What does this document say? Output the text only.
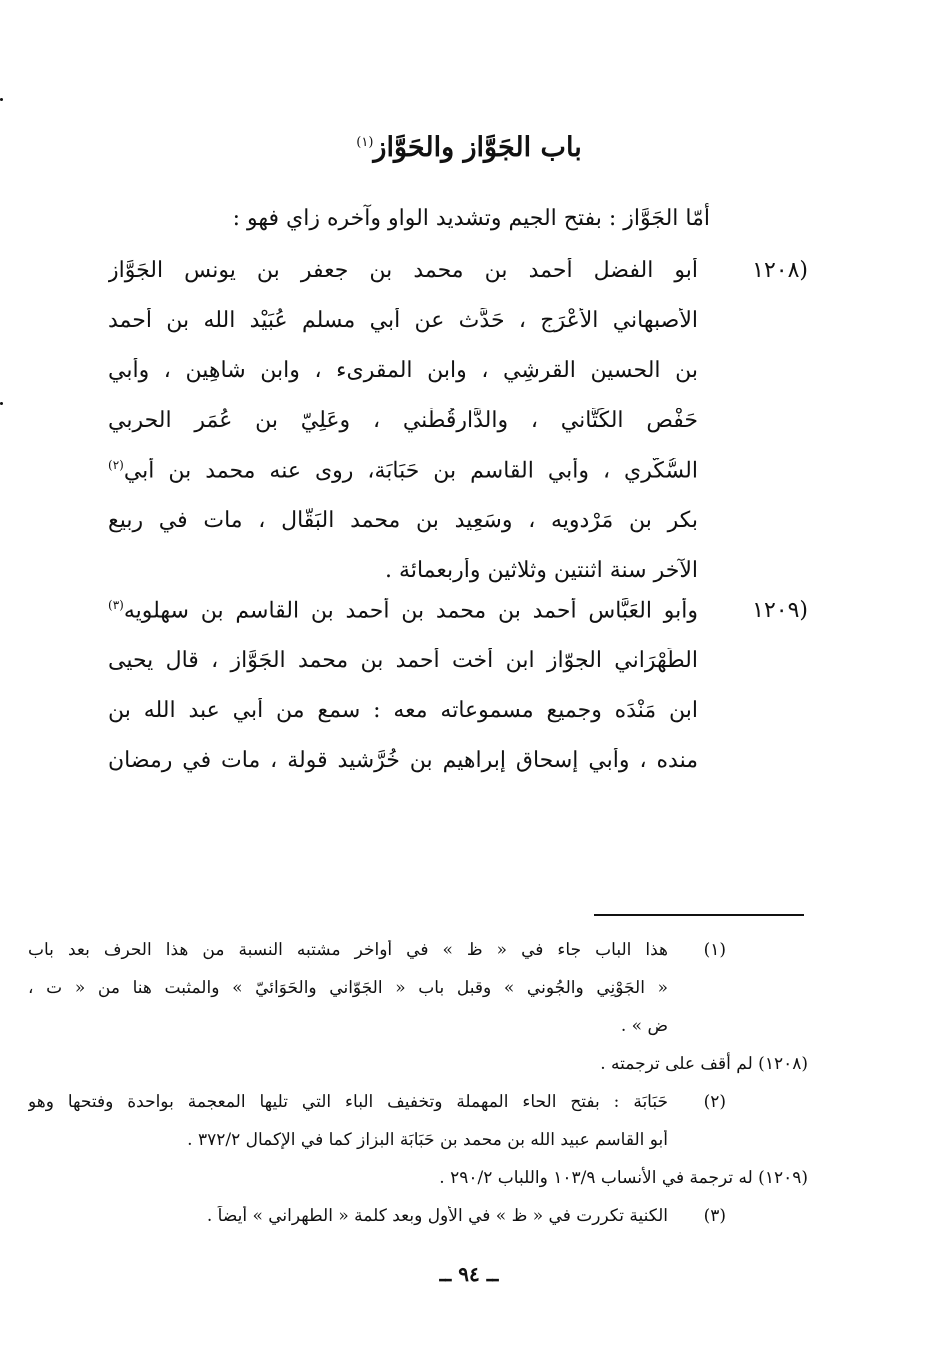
باب الجَوَّاز والحَوَّاز$^{(١)}$
أمّا الجَوَّاز : بفتح الجيم وتشديد الواو وآخره زاي فهو :
(١٢٠٨
أبو الفضل أحمد بن محمد بن جعفر بن يونس الجَوَّاز
الأصبهاني الأعْرَج ، حَدَّث عن أبي مسلم عُبَيْد الله بن أحمد
بن الحسين القرشِي ، وابن المقرىء ، وابن شاهِين ، وأبي
حَفْص الكَتَّاني ، والدَّارقُطْني ، وعَلِيّ بن عُمَر الحربي
السُّكَّري ، وأبي القاسم بن حَبَابَة، روى عنه محمد بن أبي$^{(٢)}$
بكر بن مَرْدويه ، وسَعِيد بن محمد البَقَّال ، مات في ربيع
الآخر سنة اثنتين وثلاثين وأربعمائة .
(١٢٠٩
وأبو العَبَّاس أحمد بن محمد بن أحمد بن القاسم بن سهلويه$^{(٣)}$
الطِّهْرَاني الجوّاز ابن أخت أحمد بن محمد الجَوَّاز ، قال يحيى
ابن مَنْدَه وجميع مسموعاته معه : سمع من أبي عبد الله بن
منده ، وأبي إسحاق إبراهيم بن خُرَّشيد قولة ، مات في رمضان
(١)
هذا الباب جاء في « ظ » في أواخر مشتبه النسبة من هذا الحرف بعد باب
« الجَوْنِي والجُوني » وقبل باب « الجَوّاني والحَوَائيّ » والمثبت هنا من « ت ،
ض » .
(١٢٠٨) لم أقف على ترجمته .
(٢)
حَبَابَة : بفتح الحاء المهملة وتخفيف الباء التي تليها المعجمة بواحدة وفتحها وهو
أبو القاسم عبيد الله بن محمد بن حَبَابَة البزاز كما في الإكمال ٣٧٢/٢ .
(١٢٠٩) له ترجمة في الأنساب ١٠٣/٩ واللباب ٢٩٠/٢ .
(٣)
الكنية تكررت في « ظ » في الأول وبعد كلمة « الطهراني » أيضاً .
ــ ٩٤ ــ
